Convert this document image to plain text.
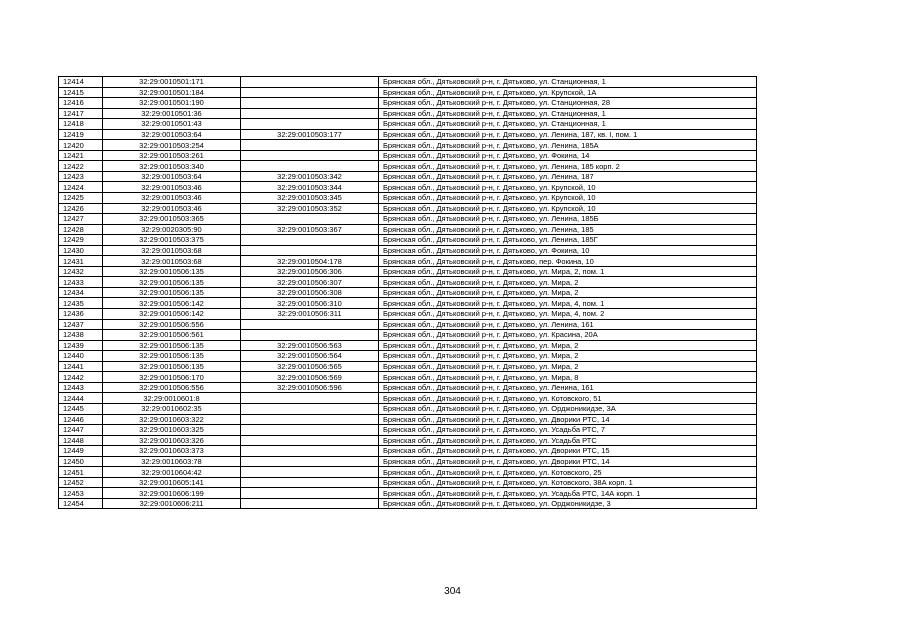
12414	32:29:0010501:171		Брянская обл., Дятьковский р-н, г. Дятьково, ул. Станционная, 1
12415	32:29:0010501:184		Брянская обл., Дятьковский р-н, г. Дятьково, ул. Крупской, 1А
12416	32:29:0010501:190		Брянская обл., Дятьковский р-н, г. Дятьково, ул. Станционная, 28
12417	32:29:0010501:36		Брянская обл., Дятьковский р-н, г. Дятьково, ул. Станционная, 1
12418	32:29:0010501:43		Брянская обл., Дятьковский р-н, г. Дятьково, ул. Станционная, 1
12419	32:29:0010503:64	32:29:0010503:177	Брянская обл., Дятьковский р-н, г. Дятьково, ул. Ленина, 187, кв. I, пом. 1
12420	32:29:0010503:254		Брянская обл., Дятьковский р-н, г. Дятьково, ул. Ленина, 185А
12421	32:29:0010503:261		Брянская обл., Дятьковский р-н, г. Дятьково, ул. Фокина, 14
12422	32:29:0010503:340		Брянская обл., Дятьковский р-н, г. Дятьково, ул. Ленина, 185 корп. 2
12423	32:29:0010503:64	32:29:0010503:342	Брянская обл., Дятьковский р-н, г. Дятьково, ул. Ленина, 187
12424	32:29:0010503:46	32:29:0010503:344	Брянская обл., Дятьковский р-н, г. Дятьково, ул. Крупской, 10
12425	32:29:0010503:46	32:29:0010503:345	Брянская обл., Дятьковский р-н, г. Дятьково, ул. Крупской, 10
12426	32:29:0010503:46	32:29:0010503:352	Брянская обл., Дятьковский р-н, г. Дятьково, ул. Крупской, 10
12427	32:29:0010503:365		Брянская обл., Дятьковский р-н, г. Дятьково, ул. Ленина, 185Б
12428	32:29:0020305:90	32:29:0010503:367	Брянская обл., Дятьковский р-н, г. Дятьково, ул. Ленина, 185
12429	32:29:0010503:375		Брянская обл., Дятьковский р-н, г. Дятьково, ул. Ленина, 185Г
12430	32:29:0010503:68		Брянская обл., Дятьковский р-н, г. Дятьково, ул. Фокина, 10
12431	32:29:0010503:68	32:29:0010504:178	Брянская обл., Дятьковский р-н, г. Дятьково, пер. Фокина, 10
12432	32:29:0010506:135	32:29:0010506:306	Брянская обл., Дятьковский р-н, г. Дятьково, ул. Мира, 2, пом. 1
12433	32:29:0010506:135	32:29:0010506:307	Брянская обл., Дятьковский р-н, г. Дятьково, ул. Мира, 2
12434	32:29:0010506:135	32:29:0010506:308	Брянская обл., Дятьковский р-н, г. Дятьково, ул. Мира, 2
12435	32:29:0010506:142	32:29:0010506:310	Брянская обл., Дятьковский р-н, г. Дятьково, ул. Мира, 4, пом. 1
12436	32:29:0010506:142	32:29:0010506:311	Брянская обл., Дятьковский р-н, г. Дятьково, ул. Мира, 4, пом. 2
12437	32:29:0010506:556		Брянская обл., Дятьковский р-н, г. Дятьково, ул. Ленина, 161
12438	32:29:0010506:561		Брянская обл., Дятьковский р-н, г. Дятьково, ул. Красина, 20А
12439	32:29:0010506:135	32:29:0010506:563	Брянская обл., Дятьковский р-н, г. Дятьково, ул. Мира, 2
12440	32:29:0010506:135	32:29:0010506:564	Брянская обл., Дятьковский р-н, г. Дятьково, ул. Мира, 2
12441	32:29:0010506:135	32:29:0010506:565	Брянская обл., Дятьковский р-н, г. Дятьково, ул. Мира, 2
12442	32:29:0010506:170	32:29:0010506:569	Брянская обл., Дятьковский р-н, г. Дятьково, ул. Мира, 8
12443	32:29:0010506:556	32:29:0010506:596	Брянская обл., Дятьковский р-н, г. Дятьково, ул. Ленина, 161
12444	32:29:0010601:8		Брянская обл., Дятьковский р-н, г. Дятьково, ул. Котовского, 51
12445	32:29:0010602:35		Брянская обл., Дятьковский р-н, г. Дятьково, ул. Орджоникидзе, 3А
12446	32:29:0010603:322		Брянская обл., Дятьковский р-н, г. Дятьково, ул. Дворики РТС, 14
12447	32:29:0010603:325		Брянская обл., Дятьковский р-н, г. Дятьково, ул. Усадьба РТС, 7
12448	32:29:0010603:326		Брянская обл., Дятьковский р-н, г. Дятьково, ул. Усадьба РТС
12449	32:29:0010603:373		Брянская обл., Дятьковский р-н, г. Дятьково, ул. Дворики РТС, 15
12450	32:29:0010603:78		Брянская обл., Дятьковский р-н, г. Дятьково, ул. Дворики РТС, 14
12451	32:29:0010604:42		Брянская обл., Дятьковский р-н, г. Дятьково, ул. Котовского, 25
12452	32:29:0010605:141		Брянская обл., Дятьковский р-н, г. Дятьково, ул. Котовского, 38А корп. 1
12453	32:29:0010606:199		Брянская обл., Дятьковский р-н, г. Дятьково, ул. Усадьба РТС, 14А корп. 1
12454	32:29:0010606:211		Брянская обл., Дятьковский р-н, г. Дятьково, ул. Орджоникидзе, 3
304
